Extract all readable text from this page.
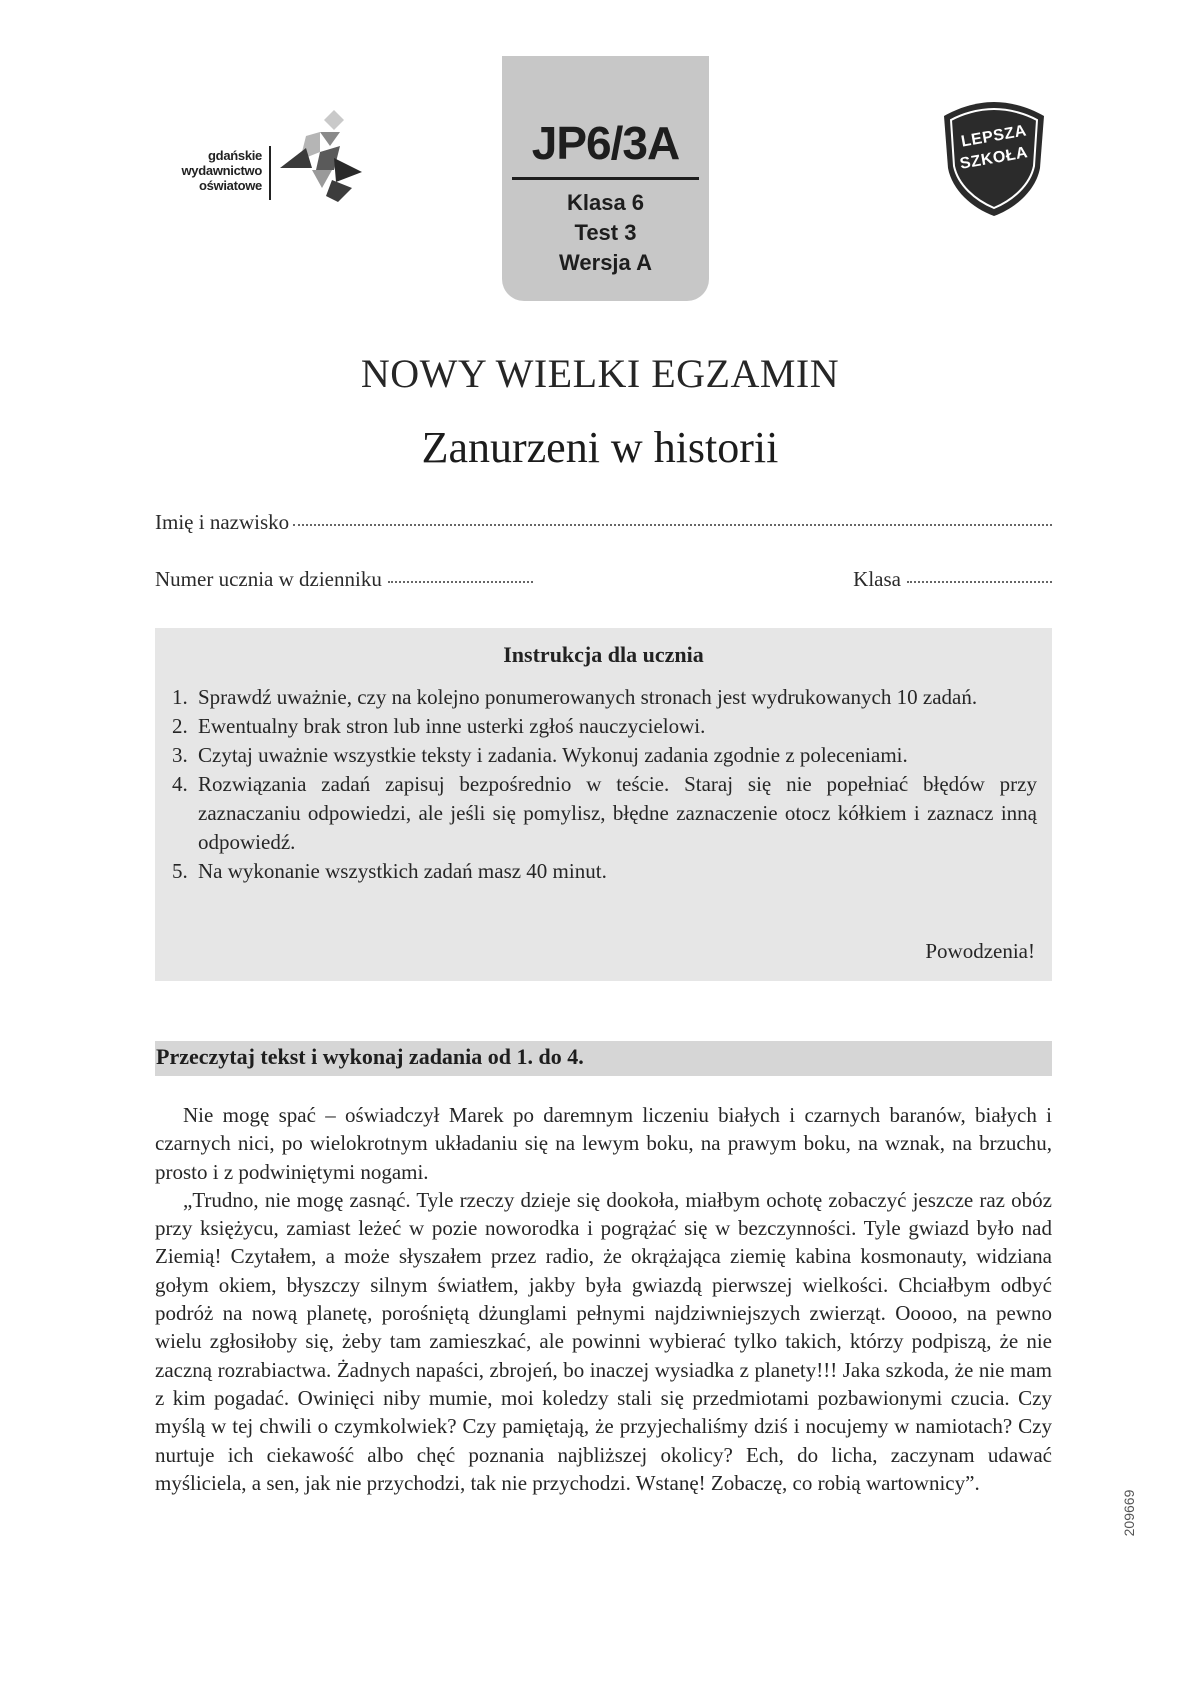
gdańskie
wydawnictwo
oświatowe
JP6/3A
Klasa 6
Test 3
Wersja A
LEPSZA
SZKOŁA
NOWY WIELKI EGZAMIN
Zanurzeni w historii
Imię i nazwisko
Numer ucznia w dzienniku	Klasa
Instrukcja dla ucznia
1. Sprawdź uważnie, czy na kolejno ponumerowanych stronach jest wydrukowanych 10 zadań.
2. Ewentualny brak stron lub inne usterki zgłoś nauczycielowi.
3. Czytaj uważnie wszystkie teksty i zadania. Wykonuj zadania zgodnie z poleceniami.
4. Rozwiązania zadań zapisuj bezpośrednio w teście. Staraj się nie popełniać błędów przy zaznaczaniu odpowiedzi, ale jeśli się pomylisz, błędne zaznaczenie otocz kółkiem i zaznacz inną odpowiedź.
5. Na wykonanie wszystkich zadań masz 40 minut.
Powodzenia!
Przeczytaj tekst i wykonaj zadania od 1. do 4.

Nie mogę spać – oświadczył Marek po daremnym liczeniu białych i czarnych baranów, białych i czarnych nici, po wielokrotnym układaniu się na lewym boku, na prawym boku, na wznak, na brzuchu, prosto i z podwiniętymi nogami.

„Trudno, nie mogę zasnąć. Tyle rzeczy dzieje się dookoła, miałbym ochotę zobaczyć jeszcze raz obóz przy księżycu, zamiast leżeć w pozie noworodka i pogrążać się w bezczynności. Tyle gwiazd było nad Ziemią! Czytałem, a może słyszałem przez radio, że okrążająca ziemię kabina kosmonauty, widziana gołym okiem, błyszczy silnym światłem, jakby była gwiazdą pierwszej wielkości. Chciałbym odbyć podróż na nową planetę, porośniętą dżunglami pełnymi najdziwniejszych zwierząt. Ooooo, na pewno wielu zgłosiłoby się, żeby tam zamieszkać, ale powinni wybierać tylko takich, którzy podpiszą, że nie zaczną rozrabiactwa. Żadnych napaści, zbrojeń, bo inaczej wysiadka z planety!!! Jaka szkoda, że nie mam z kim pogadać. Owinięci niby mumie, moi koledzy stali się przedmiotami pozbawionymi czucia. Czy myślą w tej chwili o czymkolwiek? Czy pamiętają, że przyjechaliśmy dziś i nocujemy w namiotach? Czy nurtuje ich ciekawość albo chęć poznania najbliższej okolicy? Ech, do licha, zaczynam udawać myśliciela, a sen, jak nie przychodzi, tak nie przychodzi. Wstanę! Zobaczę, co robią wartownicy”.

209669
